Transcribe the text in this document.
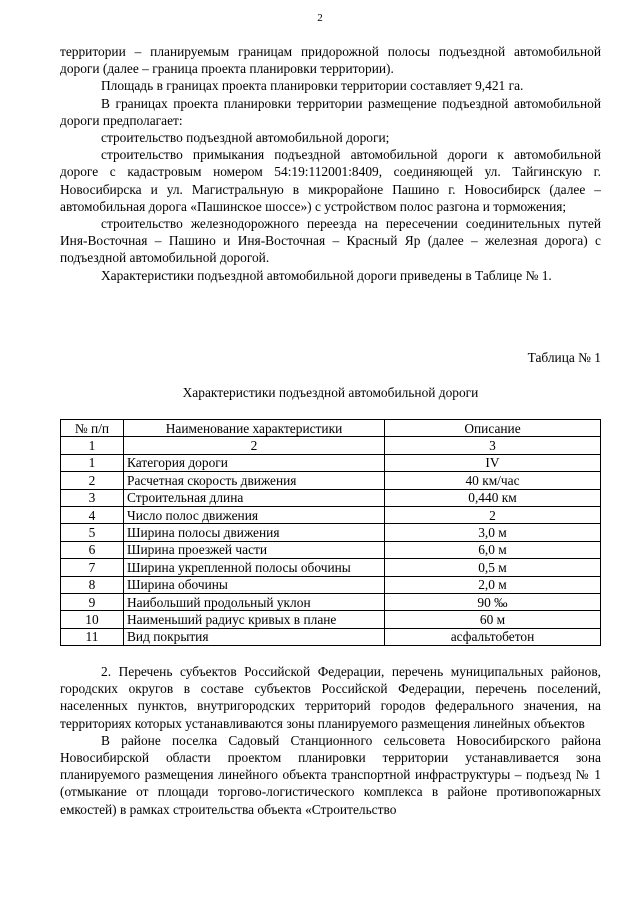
2

территории – планируемым границам придорожной полосы подъездной автомобильной дороги (далее – граница проекта планировки территории).

Площадь в границах проекта планировки территории составляет 9,421 га.

В границах проекта планировки территории размещение подъездной автомобильной дороги предполагает:

строительство подъездной автомобильной дороги;

строительство примыкания подъездной автомобильной дороги к автомобильной дороге с кадастровым номером 54:19:112001:8409, соединяющей ул. Тайгинскую г. Новосибирска и ул. Магистральную в микрорайоне Пашино г. Новосибирск (далее – автомобильная дорога «Пашинское шоссе») с устройством полос разгона и торможения;

строительство железнодорожного переезда на пересечении соединительных путей Иня-Восточная – Пашино и Иня-Восточная – Красный Яр (далее – железная дорога) с подъездной автомобильной дорогой.

Характеристики подъездной автомобильной дороги приведены в Таблице № 1.

Таблица № 1
Характеристики подъездной автомобильной дороги
№ п/п	Наименование характеристики	Описание
1	2	3
1	Категория дороги	IV
2	Расчетная скорость движения	40 км/час
3	Строительная длина	0,440 км
4	Число полос движения	2
5	Ширина полосы движения	3,0 м
6	Ширина проезжей части	6,0 м
7	Ширина укрепленной полосы обочины	0,5 м
8	Ширина обочины	2,0 м
9	Наибольший продольный уклон	90 ‰
10	Наименьший радиус кривых в плане	60 м
11	Вид покрытия	асфальтобетон

2. Перечень субъектов Российской Федерации, перечень муниципальных районов, городских округов в составе субъектов Российской Федерации, перечень поселений, населенных пунктов, внутригородских территорий городов федерального значения, на территориях которых устанавливаются зоны планируемого размещения линейных объектов

В районе поселка Садовый Станционного сельсовета Новосибирского района Новосибирской области проектом планировки территории устанавливается зона планируемого размещения линейного объекта транспортной инфраструктуры – подъезд № 1 (отмыкание от площади торгово-логистического комплекса в районе противопожарных емкостей) в рамках строительства объекта «Строительство
